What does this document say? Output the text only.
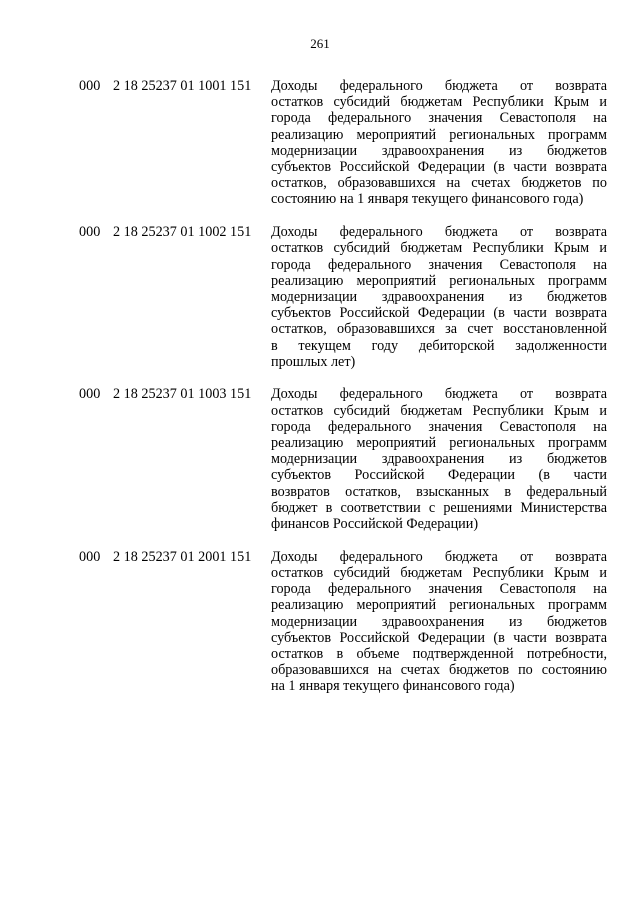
261
000 2 18 25237 01 1001 151	Доходы федерального бюджета от возврата
остатков субсидий бюджетам Республики Крым и
города федерального значения Севастополя на
реализацию мероприятий региональных программ
модернизации здравоохранения из бюджетов
субъектов Российской Федерации (в части возврата
остатков, образовавшихся на счетах бюджетов по
состоянию на 1 января текущего финансового года)
000 2 18 25237 01 1002 151	Доходы федерального бюджета от возврата
остатков субсидий бюджетам Республики Крым и
города федерального значения Севастополя на
реализацию мероприятий региональных программ
модернизации здравоохранения из бюджетов
субъектов Российской Федерации (в части возврата
остатков, образовавшихся за счет восстановленной
в текущем году дебиторской задолженности
прошлых лет)
000 2 18 25237 01 1003 151	Доходы федерального бюджета от возврата
остатков субсидий бюджетам Республики Крым и
города федерального значения Севастополя на
реализацию мероприятий региональных программ
модернизации здравоохранения из бюджетов
субъектов Российской Федерации (в части
возвратов остатков, взысканных в федеральный
бюджет в соответствии с решениями Министерства
финансов Российской Федерации)
000 2 18 25237 01 2001 151	Доходы федерального бюджета от возврата
остатков субсидий бюджетам Республики Крым и
города федерального значения Севастополя на
реализацию мероприятий региональных программ
модернизации здравоохранения из бюджетов
субъектов Российской Федерации (в части возврата
остатков в объеме подтвержденной потребности,
образовавшихся на счетах бюджетов по состоянию
на 1 января текущего финансового года)
